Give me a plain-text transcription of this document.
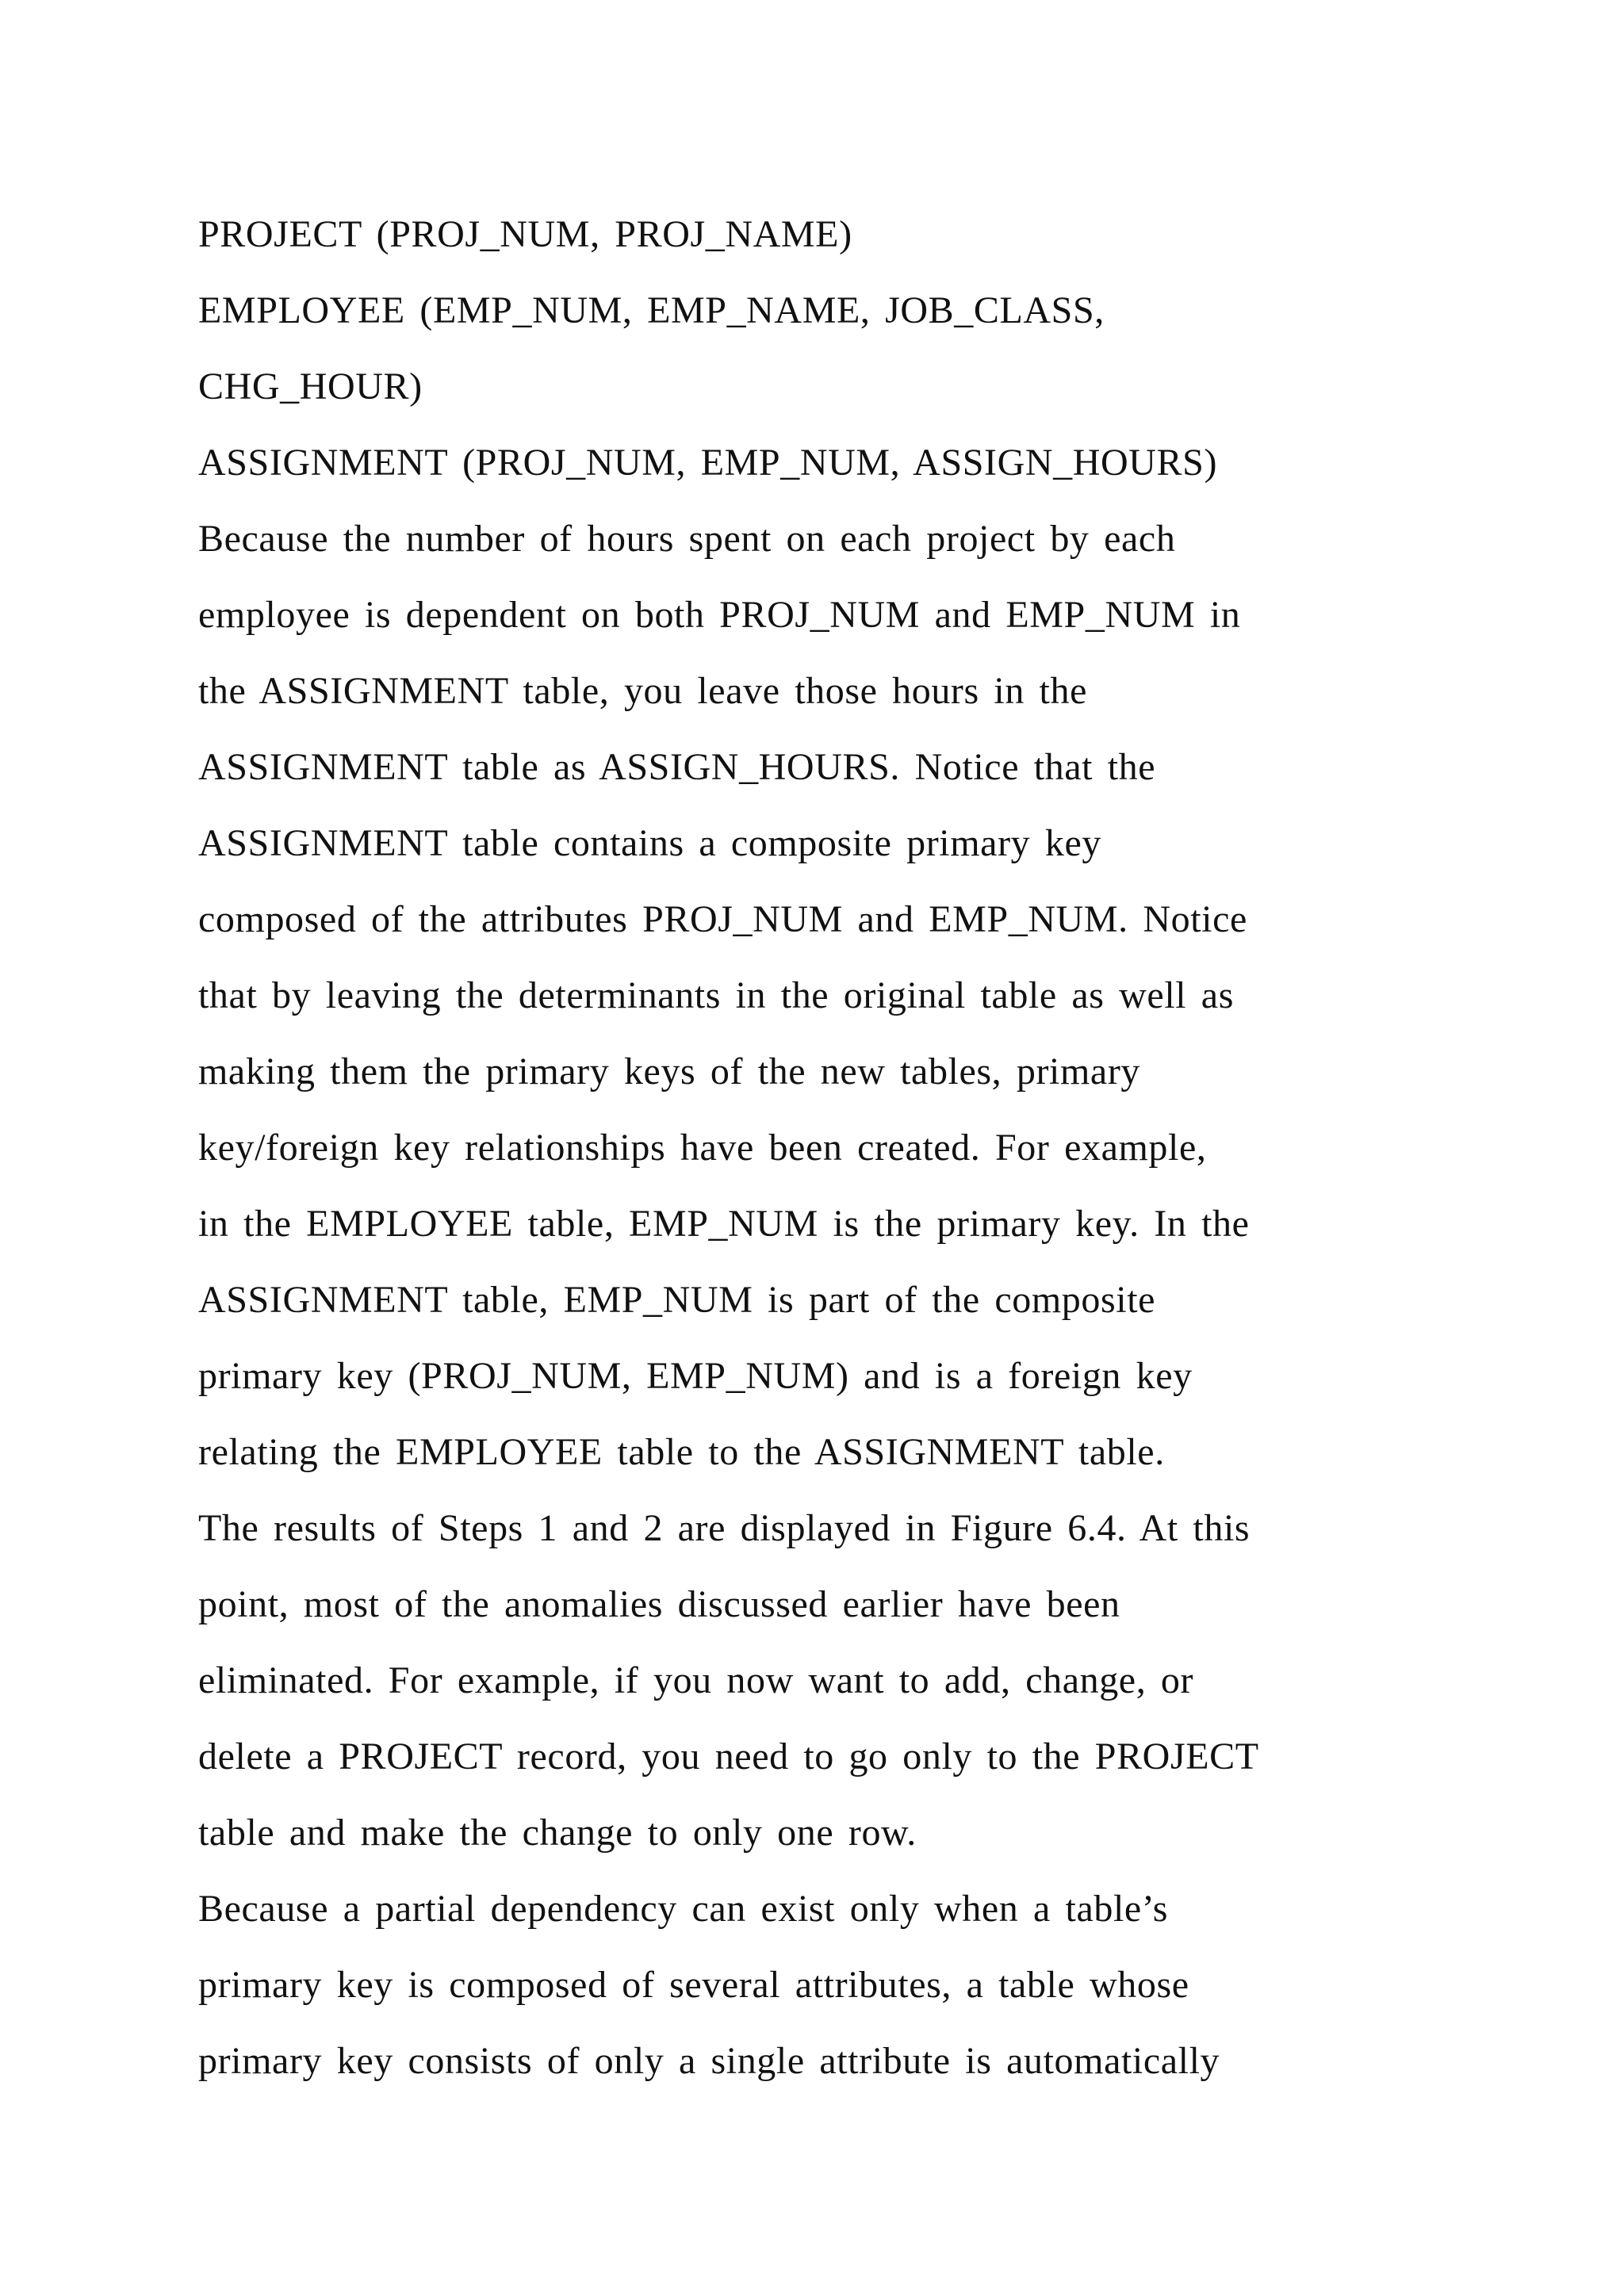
PROJECT (PROJ_NUM, PROJ_NAME)
EMPLOYEE (EMP_NUM, EMP_NAME, JOB_CLASS,
CHG_HOUR)
ASSIGNMENT (PROJ_NUM, EMP_NUM, ASSIGN_HOURS)
Because the number of hours spent on each project by each
employee is dependent on both PROJ_NUM and EMP_NUM in
the ASSIGNMENT table, you leave those hours in the
ASSIGNMENT table as ASSIGN_HOURS. Notice that the
ASSIGNMENT table contains a composite primary key
composed of the attributes PROJ_NUM and EMP_NUM. Notice
that by leaving the determinants in the original table as well as
making them the primary keys of the new tables, primary
key/foreign key relationships have been created. For example,
in the EMPLOYEE table, EMP_NUM is the primary key. In the
ASSIGNMENT table, EMP_NUM is part of the composite
primary key (PROJ_NUM, EMP_NUM) and is a foreign key
relating the EMPLOYEE table to the ASSIGNMENT table.
The results of Steps 1 and 2 are displayed in Figure 6.4. At this
point, most of the anomalies discussed earlier have been
eliminated. For example, if you now want to add, change, or
delete a PROJECT record, you need to go only to the PROJECT
table and make the change to only one row.
Because a partial dependency can exist only when a table’s
primary key is composed of several attributes, a table whose
primary key consists of only a single attribute is automatically
